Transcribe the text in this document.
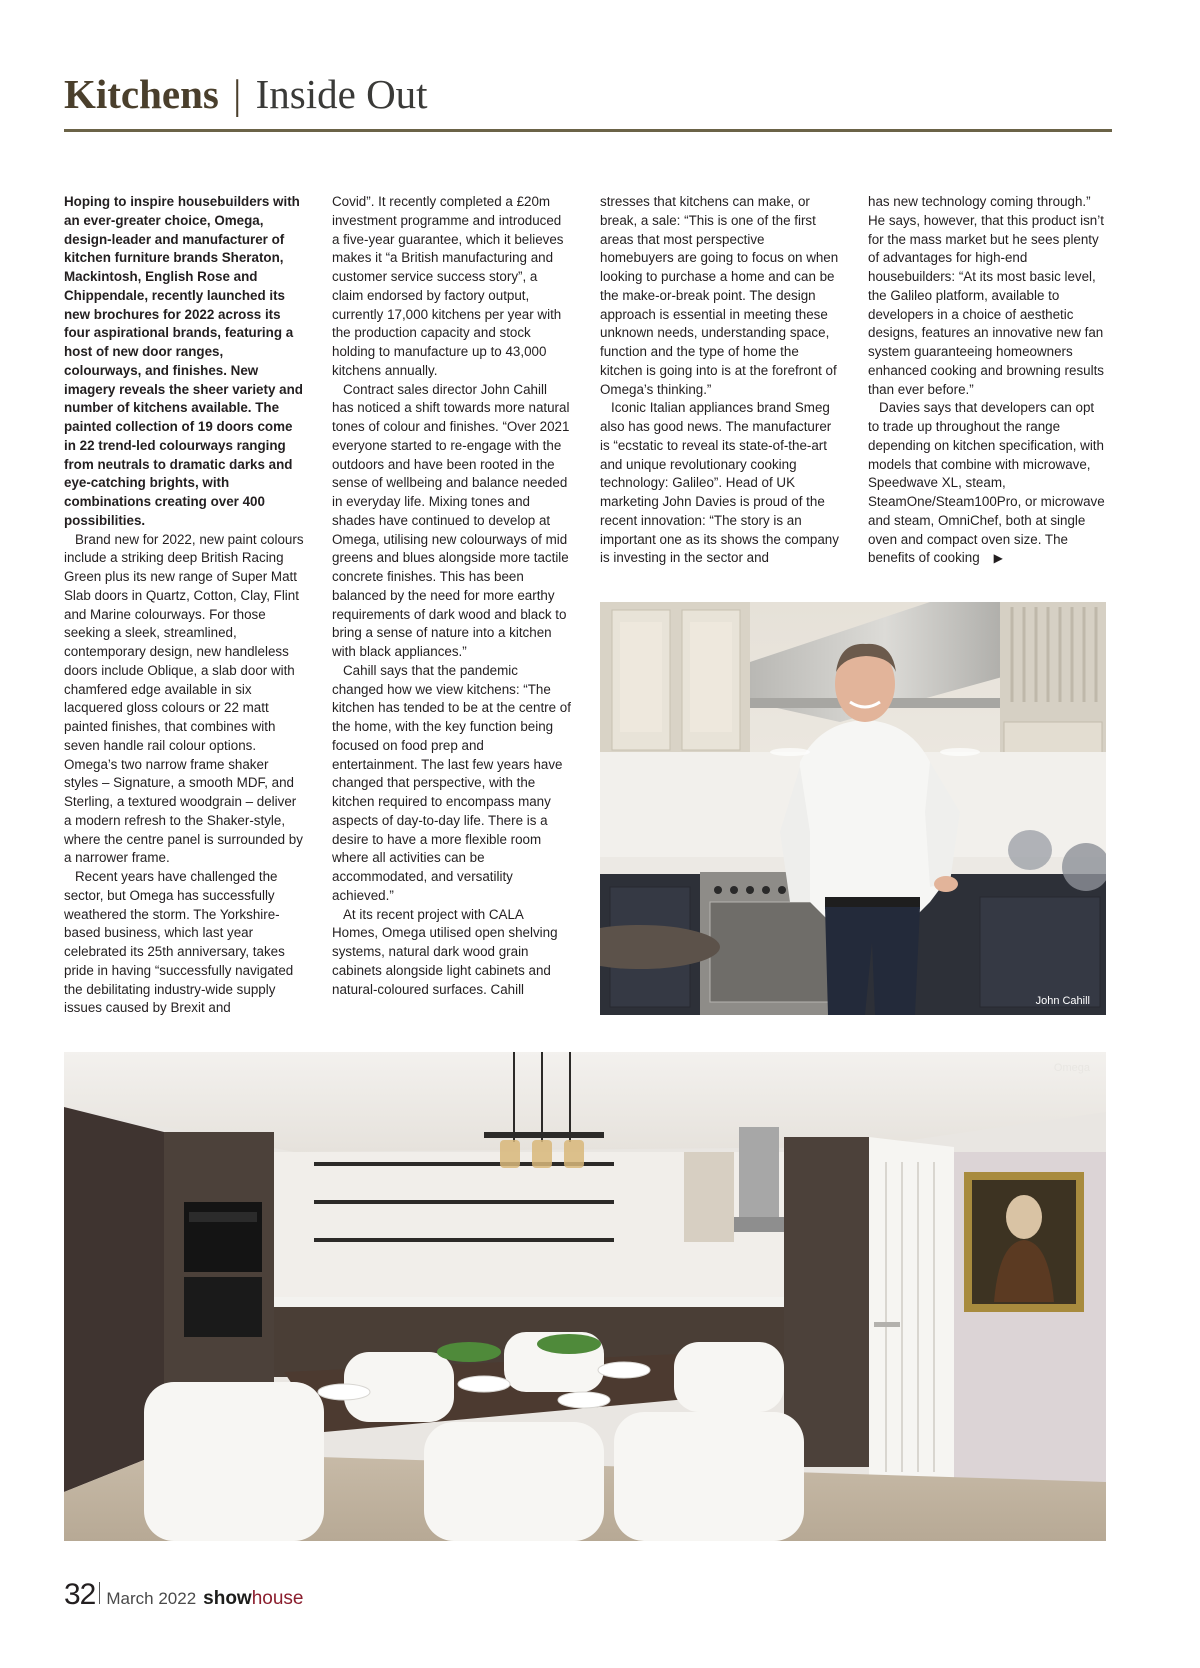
Kitchens | Inside Out

Hoping to inspire housebuilders with an ever-greater choice, Omega, design-leader and manufacturer of kitchen furniture brands Sheraton, Mackintosh, English Rose and Chippendale, recently launched its new brochures for 2022 across its four aspirational brands, featuring a host of new door ranges, colourways, and finishes. New imagery reveals the sheer variety and number of kitchens available. The painted collection of 19 doors come in 22 trend-led colourways ranging from neutrals to dramatic darks and eye-catching brights, with combinations creating over 400 possibilities.

Brand new for 2022, new paint colours include a striking deep British Racing Green plus its new range of Super Matt Slab doors in Quartz, Cotton, Clay, Flint and Marine colourways. For those seeking a sleek, streamlined, contemporary design, new handleless doors include Oblique, a slab door with chamfered edge available in six lacquered gloss colours or 22 matt painted finishes, that combines with seven handle rail colour options. Omega’s two narrow frame shaker styles – Signature, a smooth MDF, and Sterling, a textured woodgrain – deliver a modern refresh to the Shaker-style, where the centre panel is surrounded by a narrower frame.

Recent years have challenged the sector, but Omega has successfully weathered the storm. The Yorkshire-based business, which last year celebrated its 25th anniversary, takes pride in having “successfully navigated the debilitating industry-wide supply issues caused by Brexit and

Covid”. It recently completed a £20m investment programme and introduced a five-year guarantee, which it believes makes it “a British manufacturing and customer service success story”, a claim endorsed by factory output, currently 17,000 kitchens per year with the production capacity and stock holding to manufacture up to 43,000 kitchens annually.

Contract sales director John Cahill has noticed a shift towards more natural tones of colour and finishes. “Over 2021 everyone started to re-engage with the outdoors and have been rooted in the sense of wellbeing and balance needed in everyday life. Mixing tones and shades have continued to develop at Omega, utilising new colourways of mid greens and blues alongside more tactile concrete finishes. This has been balanced by the need for more earthy requirements of dark wood and black to bring a sense of nature into a kitchen with black appliances.”

Cahill says that the pandemic changed how we view kitchens: “The kitchen has tended to be at the centre of the home, with the key function being focused on food prep and entertainment. The last few years have changed that perspective, with the kitchen required to encompass many aspects of day-to-day life. There is a desire to have a more flexible room where all activities can be accommodated, and versatility achieved.”

At its recent project with CALA Homes, Omega utilised open shelving systems, natural dark wood grain cabinets alongside light cabinets and natural-coloured surfaces. Cahill

stresses that kitchens can make, or break, a sale: “This is one of the first areas that most perspective homebuyers are going to focus on when looking to purchase a home and can be the make-or-break point. The design approach is essential in meeting these unknown needs, understanding space, function and the type of home the kitchen is going into is at the forefront of Omega’s thinking.”

Iconic Italian appliances brand Smeg also has good news. The manufacturer is “ecstatic to reveal its state-of-the-art and unique revolutionary cooking technology: Galileo”. Head of UK marketing John Davies is proud of the recent innovation: “The story is an important one as its shows the company is investing in the sector and

has new technology coming through.” He says, however, that this product isn’t for the mass market but he sees plenty of advantages for high-end housebuilders: “At its most basic level, the Galileo platform, available to developers in a choice of aesthetic designs, features an innovative new fan system guaranteeing homeowners enhanced cooking and browning results than ever before.”

Davies says that developers can opt to trade up throughout the range depending on kitchen specification, with models that combine with microwave, Speedwave XL, steam, SteamOne/Steam100Pro, or microwave and steam, OmniChef, both at single oven and compact oven size. The benefits of cooking ▶

John Cahill
Omega
32 March 2022 show house
